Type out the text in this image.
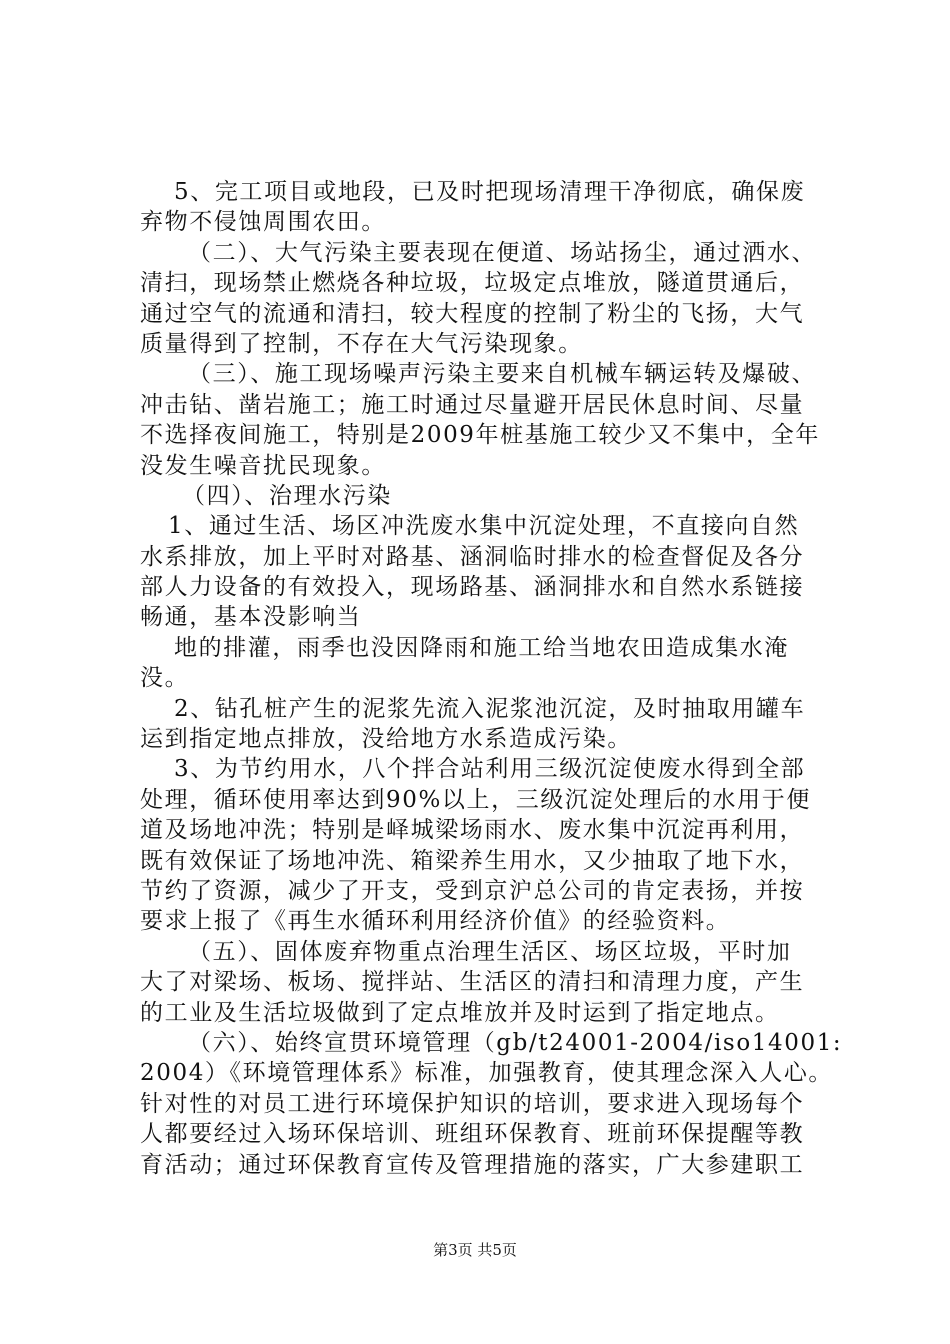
5、完工项目或地段，已及时把现场清理干净彻底，确保废
弃物不侵蚀周围农田。
（二）、大气污染主要表现在便道、场站扬尘，通过洒水、
清扫，现场禁止燃烧各种垃圾，垃圾定点堆放，隧道贯通后，
通过空气的流通和清扫，较大程度的控制了粉尘的飞扬，大气
质量得到了控制，不存在大气污染现象。
（三）、施工现场噪声污染主要来自机械车辆运转及爆破、
冲击钻、凿岩施工；施工时通过尽量避开居民休息时间、尽量
不选择夜间施工，特别是2009年桩基施工较少又不集中，全年
没发生噪音扰民现象。
（四）、治理水污染
1、通过生活、场区冲洗废水集中沉淀处理，不直接向自然
水系排放，加上平时对路基、涵洞临时排水的检查督促及各分
部人力设备的有效投入，现场路基、涵洞排水和自然水系链接
畅通，基本没影响当
地的排灌，雨季也没因降雨和施工给当地农田造成集水淹
没。
2、钻孔桩产生的泥浆先流入泥浆池沉淀，及时抽取用罐车
运到指定地点排放，没给地方水系造成污染。
3、为节约用水，八个拌合站利用三级沉淀使废水得到全部
处理，循环使用率达到90%以上，三级沉淀处理后的水用于便
道及场地冲洗；特别是峄城梁场雨水、废水集中沉淀再利用，
既有效保证了场地冲洗、箱梁养生用水，又少抽取了地下水，
节约了资源，减少了开支，受到京沪总公司的肯定表扬，并按
要求上报了《再生水循环利用经济价值》的经验资料。
（五）、固体废弃物重点治理生活区、场区垃圾，平时加
大了对梁场、板场、搅拌站、生活区的清扫和清理力度，产生
的工业及生活垃圾做到了定点堆放并及时运到了指定地点。
（六）、始终宣贯环境管理（gb/t24001-2004/iso14001:
2004）《环境管理体系》标准，加强教育，使其理念深入人心。
针对性的对员工进行环境保护知识的培训，要求进入现场每个
人都要经过入场环保培训、班组环保教育、班前环保提醒等教
育活动；通过环保教育宣传及管理措施的落实，广大参建职工
第3页 共5页
